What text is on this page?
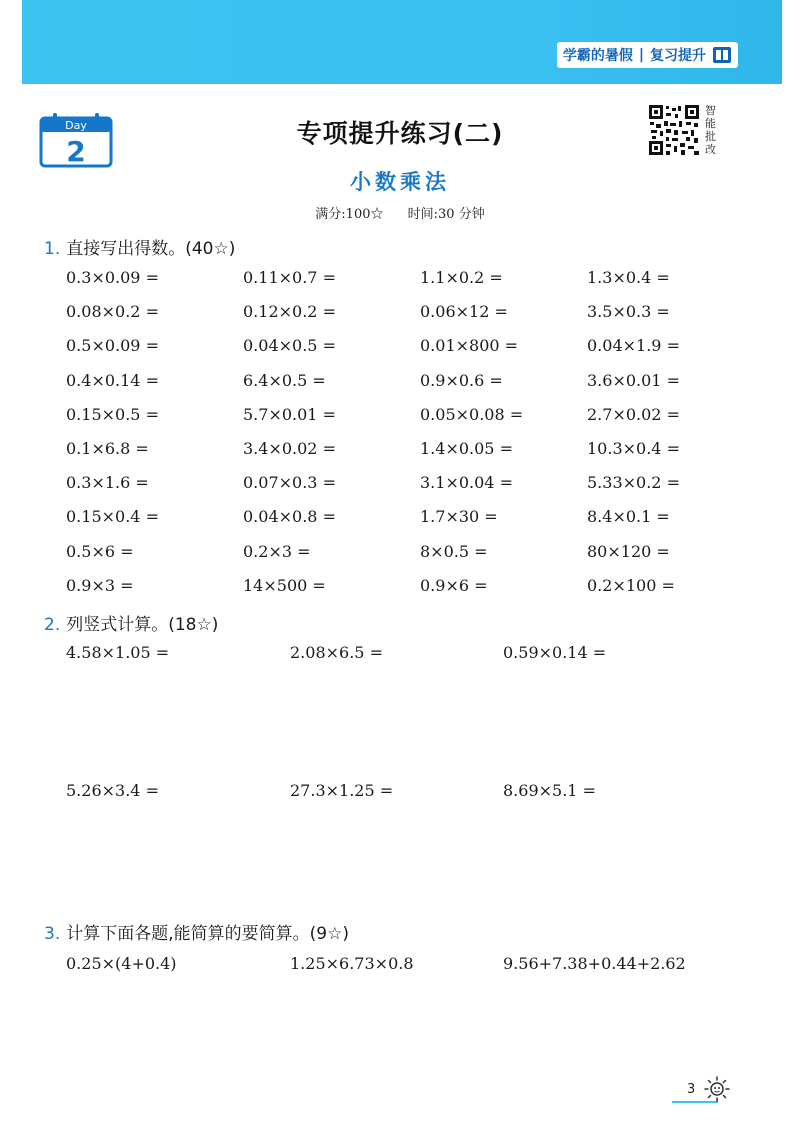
学霸的暑假 | 复习提升
Day
2
智
能
批
改
专项提升练习(二)
小数乘法
满分:100☆ 时间:30 分钟
1. 直接写出得数。(40☆)
0.3×0.09 =	0.11×0.7 =	1.1×0.2 =	1.3×0.4 =
0.08×0.2 =	0.12×0.2 =	0.06×12 =	3.5×0.3 =
0.5×0.09 =	0.04×0.5 =	0.01×800 =	0.04×1.9 =
0.4×0.14 =	6.4×0.5 =	0.9×0.6 =	3.6×0.01 =
0.15×0.5 =	5.7×0.01 =	0.05×0.08 =	2.7×0.02 =
0.1×6.8 =	3.4×0.02 =	1.4×0.05 =	10.3×0.4 =
0.3×1.6 =	0.07×0.3 =	3.1×0.04 =	5.33×0.2 =
0.15×0.4 =	0.04×0.8 =	1.7×30 =	8.4×0.1 =
0.5×6 =	0.2×3 =	8×0.5 =	80×120 =
0.9×3 =	14×500 =	0.9×6 =	0.2×100 =
2. 列竖式计算。(18☆)
4.58×1.05 =	2.08×6.5 =	0.59×0.14 =
5.26×3.4 =	27.3×1.25 =	8.69×5.1 =
3. 计算下面各题,能简算的要简算。(9☆)
0.25×(4+0.4)	1.25×6.73×0.8	9.56+7.38+0.44+2.62
3
